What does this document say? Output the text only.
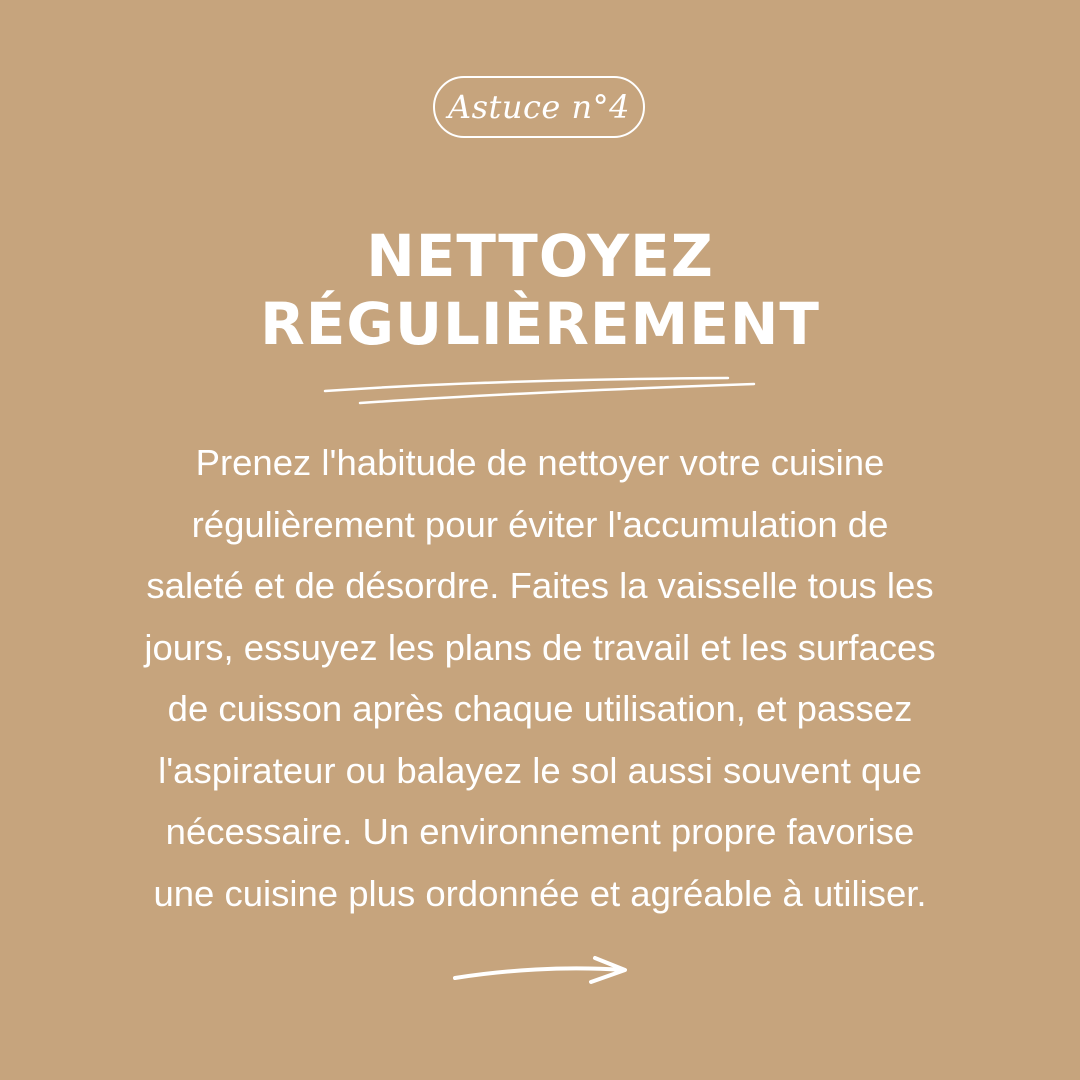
Astuce n°4
NETTOYEZ
RÉGULIÈREMENT
Prenez l'habitude de nettoyer votre cuisine
régulièrement pour éviter l'accumulation de
saleté et de désordre. Faites la vaisselle tous les
jours, essuyez les plans de travail et les surfaces
de cuisson après chaque utilisation, et passez
l'aspirateur ou balayez le sol aussi souvent que
nécessaire. Un environnement propre favorise
une cuisine plus ordonnée et agréable à utiliser.
